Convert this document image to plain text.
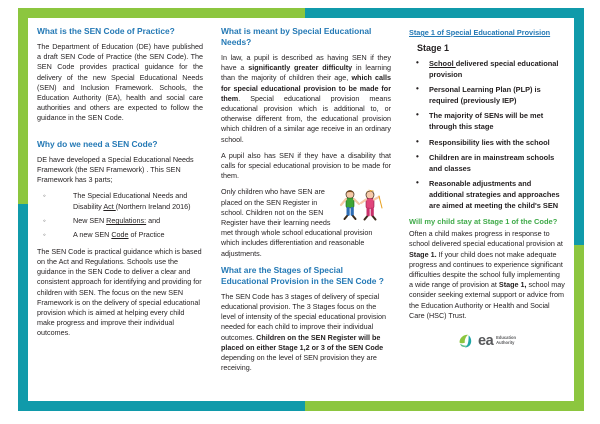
What is the SEN Code of Practice?

The Department of Education (DE) have published a draft SEN Code of Practice (the SEN Code). The SEN Code provides practical guidance for the delivery of the new Special Educational Needs (SEN) and Inclusion Framework. Schools, the Education Authority (EA), health and social care authorities and others are expected to follow the guidance in the SEN Code.

Why do we need a SEN Code?

DE have developed a Special Educational Needs Framework (the SEN Framework) . This SEN Framework has 3 parts;

◦ The Special Educational Needs and Disability Act (Northern Ireland 2016)
◦ New SEN Regulations: and
◦ A new SEN Code of Practice

The SEN Code is practical guidance which is based on the Act and Regulations. Schools use the guidance in the SEN Code to deliver a clear and consistent approach for identifying and providing for children with SEN. The focus on the new SEN Framework is on the delivery of special educational provision which is aimed at helping every child make progress and improve their individual outcomes.

What is meant by Special Educational Needs?

In law, a pupil is described as having SEN if they have a significantly greater difficulty in learning than the majority of children their age, which calls for special educational provision to be made for them. Special educational provision means educational provision which is additional to, or otherwise different from, the educational provision which children of a similar age receive in an ordinary school.

A pupil also has SEN if they have a disability that calls for special educational provision to be made for them.

Only children who have SEN are placed on the SEN Register in school. Children not on the SEN Register have their learning needs met through whole school educational provision which includes differentiation and reasonable adjustments.

What are the Stages of Special Educational Provision in the SEN Code ?

The SEN Code has 3 stages of delivery of special educational provision. The 3 Stages focus on the level of intensity of the special educational provision needed for each child to improve their individual outcomes. Children on the SEN Register will be placed on either Stage 1,2 or 3 of the SEN Code depending on the level of SEN provision they are receiving.

Stage 1 of Special Educational Provision
Stage 1
• School delivered special educational provision
• Personal Learning Plan (PLP) is required (previously IEP)
• The majority of SENs will be met through this stage
• Responsibility lies with the school
• Children are in mainstream schools and classes
• Reasonable adjustments and additional strategies and approaches are aimed at meeting the child's SEN
Will my child stay at Stage 1 of the Code?

Often a child makes progress in response to school delivered special educational provision at Stage 1. If your child does not make adequate progress and continues to experience significant difficulties despite the school fully implementing a wide range of provision at Stage 1, school may consider seeking external support or advice from the Education Authority or Health and Social Care (HSC) Trust.

ea Education
Authority
